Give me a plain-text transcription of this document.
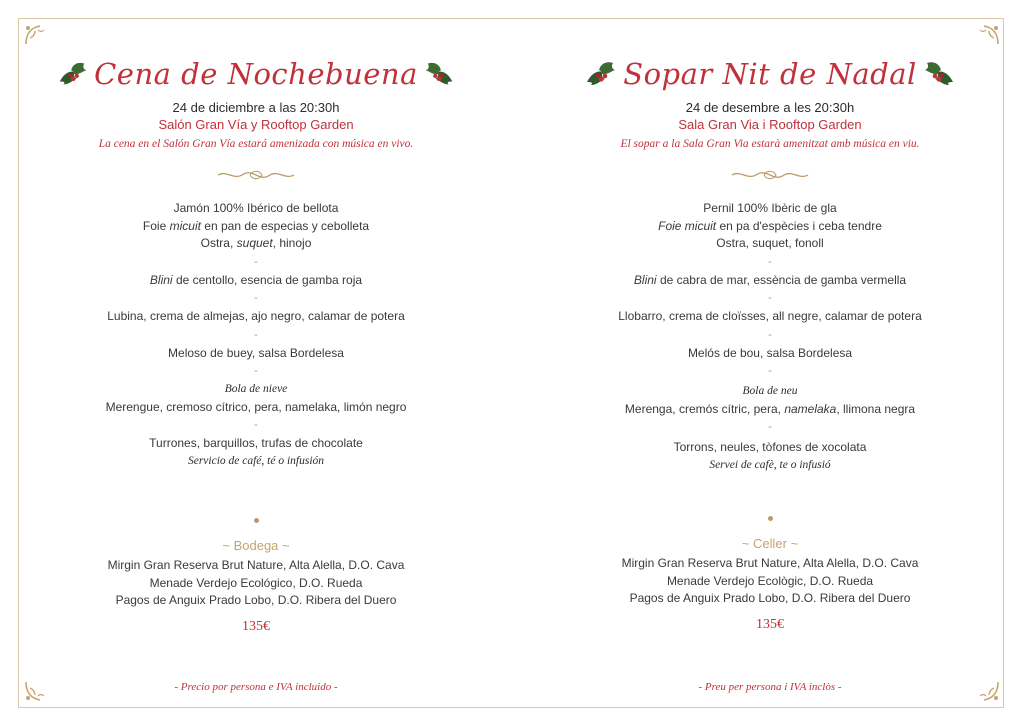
Cena de Nochebuena
24 de diciembre a las 20:30h
Salón Gran Vía y Rooftop Garden
La cena en el Salón Gran Vía estará amenizada con música en vivo.
Jamón 100% Ibérico de bellota
Foie micuit en pan de especias y cebolleta
Ostra, suquet, hinojo
-
Blini de centollo, esencia de gamba roja
-
Lubina, crema de almejas, ajo negro, calamar de potera
-
Meloso de buey, salsa Bordelesa
-
Bola de nieve
Merengue, cremoso cítrico, pera, namelaka, limón negro
-
Turrones, barquillos, trufas de chocolate
Servicio de café, té o infusión
~ Bodega ~
Mirgin Gran Reserva Brut Nature, Alta Alella, D.O. Cava
Menade Verdejo Ecológico, D.O. Rueda
Pagos de Anguix Prado Lobo, D.O. Ribera del Duero
135€
Sopar Nit de Nadal
24 de desembre a les 20:30h
Sala Gran Via i Rooftop Garden
El sopar a la Sala Gran Via estarà amenitzat amb música en viu.
Pernil 100% Ibèric de gla
Foie micuit en pa d'espècies i ceba tendre
Ostra, suquet, fonoll
-
Blini de cabra de mar, essència de gamba vermella
-
Llobarro, crema de cloïsses, all negre, calamar de potera
-
Melós de bou, salsa Bordelesa
-
Bola de neu
Merenga, cremós cítric, pera, namelaka, llimona negra
-
Torrons, neules, tòfones de xocolata
Servei de cafè, te o infusió
~ Celler ~
Mirgin Gran Reserva Brut Nature, Alta Alella, D.O. Cava
Menade Verdejo Ecològic, D.O. Rueda
Pagos de Anguix Prado Lobo, D.O. Ribera del Duero
135€
- Precio por persona e IVA incluido -	- Preu per persona i IVA inclòs -
